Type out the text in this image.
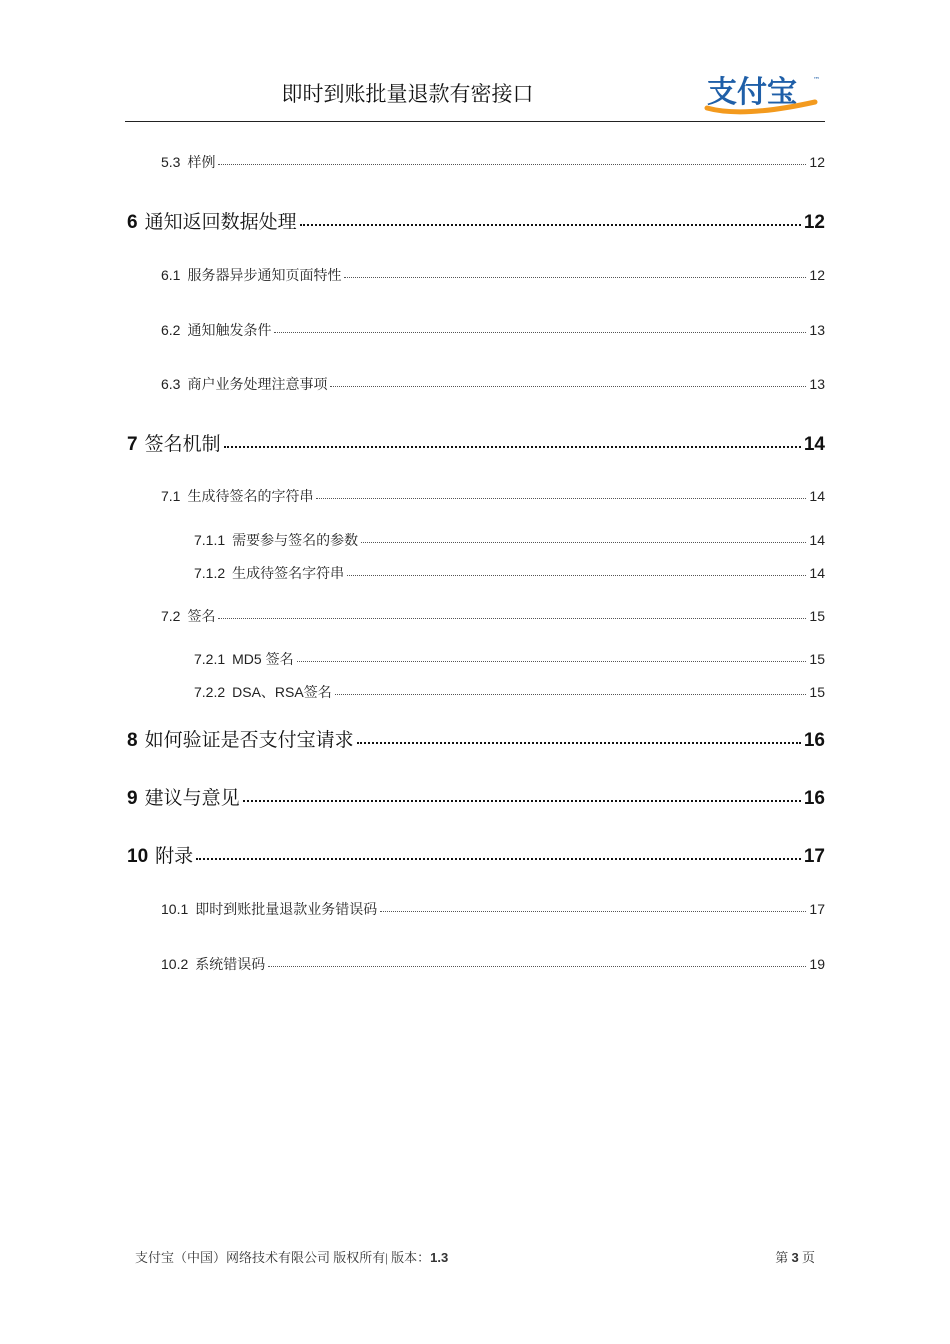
即时到账批量退款有密接口	支付宝 ™
5.3 样例	12
6 通知返回数据处理	12
6.1 服务器异步通知页面特性	12
6.2 通知触发条件	13
6.3 商户业务处理注意事项	13
7 签名机制	14
7.1 生成待签名的字符串	14
7.1.1 需要参与签名的参数	14
7.1.2 生成待签名字符串	14
7.2 签名	15
7.2.1 MD5 签名	15
7.2.2 DSA、RSA签名	15
8 如何验证是否支付宝请求	16
9 建议与意见	16
10 附录	17
10.1 即时到账批量退款业务错误码	17
10.2 系统错误码	19
支付宝（中国）网络技术有限公司 版权所有| 版本：1.3	第 3 页
